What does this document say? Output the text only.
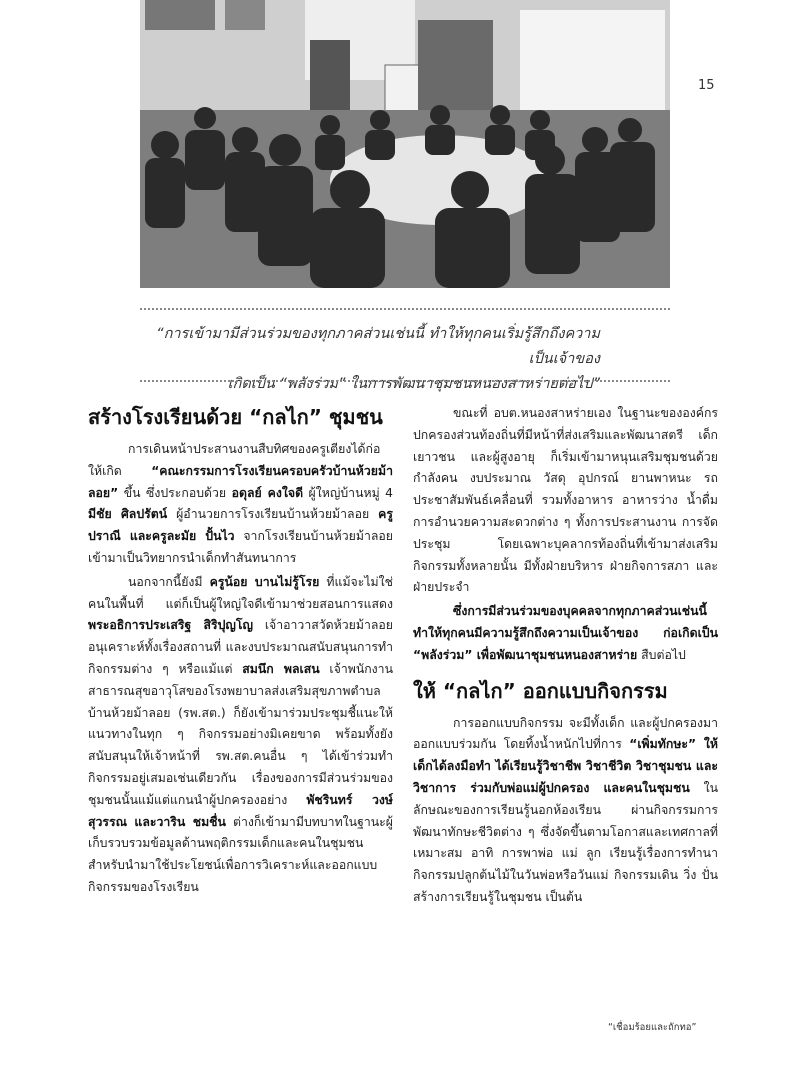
15
“การเข้ามามีส่วนร่วมของทุกภาคส่วนเช่นนี้ ทำให้ทุกคนเริ่มรู้สึกถึงความเป็นเจ้าของ
เกิดเป็น “พลังร่วม” ในการพัฒนาชุมชนหนองสาหร่ายต่อไป”
สร้างโรงเรียนด้วย “กลไก” ชุมชน

การเดินหน้าประสานงานสืบทิศของครูเตียงได้ก่อให้เกิด “คณะกรรมการโรงเรียนครอบครัวบ้านห้วยม้าลอย” ขึ้น ซึ่งประกอบด้วย อดุลย์ คงใจดี ผู้ใหญ่บ้านหมู่ 4 มีชัย ศิลปรัตน์ ผู้อำนวยการโรงเรียนบ้านห้วยม้าลอย ครูปราณี และครูละมัย ปั้นไว จากโรงเรียนบ้านห้วยม้าลอยเข้ามาเป็นวิทยากรนำเด็กทำสันทนาการ

นอกจากนี้ยังมี ครูน้อย บานไม่รู้โรย ที่แม้จะไม่ใช่คนในพื้นที่ แต่ก็เป็นผู้ใหญ่ใจดีเข้ามาช่วยสอนการแสดง พระอธิการประเสริฐ สิริปุญโญ เจ้าอาวาสวัดห้วยม้าลอยอนุเคราะห์ทั้งเรื่องสถานที่ และงบประมาณสนับสนุนการทำกิจกรรมต่าง ๆ หรือแม้แต่ สมนึก พลเสน เจ้าพนักงานสาธารณสุขอาวุโสของโรงพยาบาลส่งเสริมสุขภาพตำบลบ้านห้วยม้าลอย (รพ.สต.) ก็ยังเข้ามาร่วมประชุมชี้แนะให้แนวทางในทุก ๆ กิจกรรมอย่างมิเคยขาด พร้อมทั้งยังสนับสนุนให้เจ้าหน้าที่ รพ.สต.คนอื่น ๆ ได้เข้าร่วมทำกิจกรรมอยู่เสมอเช่นเดียวกัน เรื่องของการมีส่วนร่วมของชุมชนนั้นแม้แต่แกนนำผู้ปกครองอย่าง พัชรินทร์ วงษ์สุวรรณ และวาริน ชมชื่น ต่างก็เข้ามามีบทบาทในฐานะผู้เก็บรวบรวมข้อมูลด้านพฤติกรรมเด็กและคนในชุมชน สำหรับนำมาใช้ประโยชน์เพื่อการวิเคราะห์และออกแบบกิจกรรมของโรงเรียน

ขณะที่ อบต.หนองสาหร่ายเอง ในฐานะขององค์กรปกครองส่วนท้องถิ่นที่มีหน้าที่ส่งเสริมและพัฒนาสตรี เด็ก เยาวชน และผู้สูงอายุ ก็เริ่มเข้ามาหนุนเสริมชุมชนด้วยกำลังคน งบประมาณ วัสดุ อุปกรณ์ ยานพาหนะ รถประชาสัมพันธ์เคลื่อนที่ รวมทั้งอาหาร อาหารว่าง น้ำดื่ม การอำนวยความสะดวกต่าง ๆ ทั้งการประสานงาน การจัดประชุม โดยเฉพาะบุคลากรท้องถิ่นที่เข้ามาส่งเสริมกิจกรรมทั้งหลายนั้น มีทั้งฝ่ายบริหาร ฝ่ายกิจการสภา และฝ่ายประจำ

ซึ่งการมีส่วนร่วมของบุคคลจากทุกภาคส่วนเช่นนี้ ทำให้ทุกคนมีความรู้สึกถึงความเป็นเจ้าของ ก่อเกิดเป็น “พลังร่วม” เพื่อพัฒนาชุมชนหนองสาหร่าย สืบต่อไป

ให้ “กลไก” ออกแบบกิจกรรม

การออกแบบกิจกรรม จะมีทั้งเด็ก และผู้ปกครองมาออกแบบร่วมกัน โดยทิ้งน้ำหนักไปที่การ “เพิ่มทักษะ” ให้เด็กได้ลงมือทำ ได้เรียนรู้วิชาชีพ วิชาชีวิต วิชาชุมชน และวิชาการ ร่วมกับพ่อแม่ผู้ปกครอง และคนในชุมชน ในลักษณะของการเรียนรู้นอกห้องเรียน ผ่านกิจกรรมการพัฒนาทักษะชีวิตต่าง ๆ ซึ่งจัดขึ้นตามโอกาสและเทศกาลที่เหมาะสม อาทิ การพาพ่อ แม่ ลูก เรียนรู้เรื่องการทำนา กิจกรรมปลูกต้นไม้ในวันพ่อหรือวันแม่ กิจกรรมเดิน วิ่ง ปั่น สร้างการเรียนรู้ในชุมชน เป็นต้น

“เชื่อมร้อยและถักทอ”
